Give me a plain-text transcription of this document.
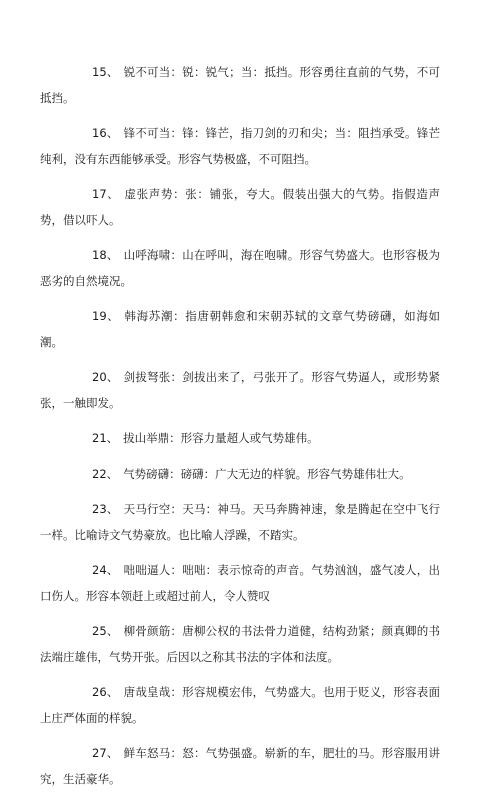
15、 锐不可当：锐：锐气；当：抵挡。形容勇往直前的气势，不可抵挡。

16、 锋不可当：锋：锋芒，指刀剑的刃和尖；当：阻挡承受。锋芒纯利，没有东西能够承受。形容气势极盛，不可阻挡。

17、 虚张声势：张：铺张，夸大。假装出强大的气势。指假造声势，借以吓人。

18、 山呼海啸：山在呼叫，海在咆啸。形容气势盛大。也形容极为恶劣的自然境况。

19、 韩海苏潮：指唐朝韩愈和宋朝苏轼的文章气势磅礴，如海如潮。

20、 剑拔弩张：剑拔出来了，弓张开了。形容气势逼人，或形势紧张，一触即发。

21、 拔山举鼎：形容力量超人或气势雄伟。

22、 气势磅礴：磅礴：广大无边的样貌。形容气势雄伟壮大。

23、 天马行空：天马：神马。天马奔腾神速，象是腾起在空中飞行一样。比喻诗文气势豪放。也比喻人浮躁，不踏实。

24、 咄咄逼人：咄咄：表示惊奇的声音。气势汹汹，盛气凌人，出口伤人。形容本领赶上或超过前人，令人赞叹

25、 柳骨颜筋：唐柳公权的书法骨力道健，结构劲紧；颜真卿的书法端庄雄伟，气势开张。后因以之称其书法的字体和法度。

26、 唐哉皇哉：形容规模宏伟，气势盛大。也用于贬义，形容表面上庄严体面的样貌。

27、 鲜车怒马：怒：气势强盛。崭新的车，肥壮的马。形容服用讲究，生活豪华。
